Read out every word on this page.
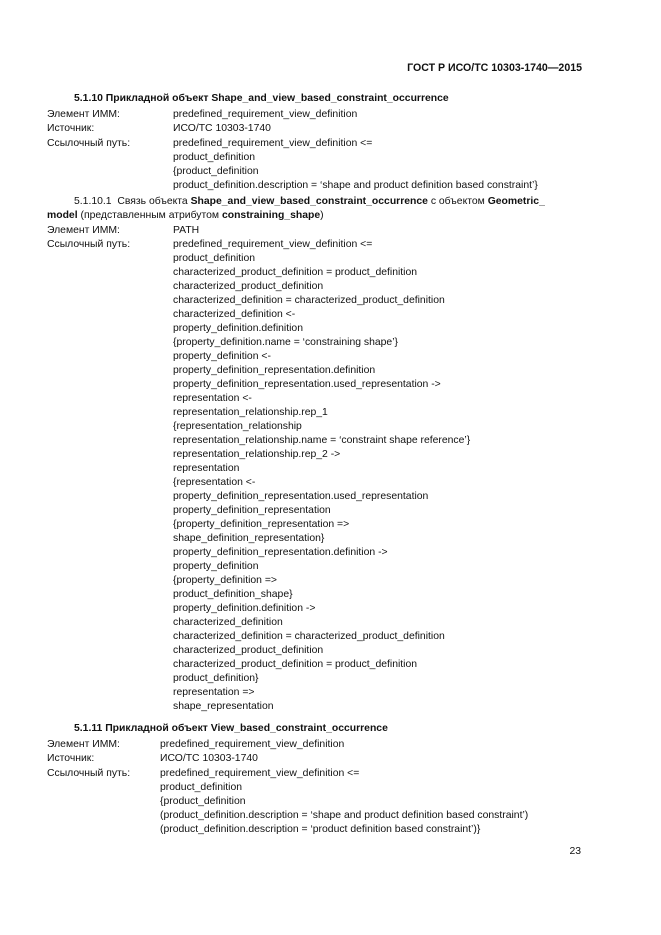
ГОСТ Р ИСО/ТС 10303-1740—2015
5.1.10 Прикладной объект Shape_and_view_based_constraint_occurrence
Элемент ИММ:	predefined_requirement_view_definition
Источник:	ИСО/ТС 10303-1740
Ссылочный путь:	predefined_requirement_view_definition <=
product_definition
{product_definition
product_definition.description = ‘shape and product definition based constraint’}
5.1.10.1 Связь объекта Shape_and_view_based_constraint_occurrence с объектом Geometric_
model (представленным атрибутом constraining_shape)
Элемент ИММ:	PATH
Ссылочный путь:	predefined_requirement_view_definition <=
product_definition
characterized_product_definition = product_definition
characterized_product_definition
characterized_definition = characterized_product_definition
characterized_definition <-
property_definition.definition
{property_definition.name = ‘constraining shape’}
property_definition <-
property_definition_representation.definition
property_definition_representation.used_representation ->
representation <-
representation_relationship.rep_1
{representation_relationship
representation_relationship.name = ‘constraint shape reference’}
representation_relationship.rep_2 ->
representation
{representation <-
property_definition_representation.used_representation
property_definition_representation
{property_definition_representation =>
shape_definition_representation}
property_definition_representation.definition ->
property_definition
{property_definition =>
product_definition_shape}
property_definition.definition ->
characterized_definition
characterized_definition = characterized_product_definition
characterized_product_definition
characterized_product_definition = product_definition
product_definition}
representation =>
shape_representation
5.1.11 Прикладной объект View_based_constraint_occurrence
Элемент ИММ:	predefined_requirement_view_definition
Источник:	ИСО/ТС 10303-1740
Ссылочный путь:	predefined_requirement_view_definition <=
product_definition
{product_definition
(product_definition.description = ‘shape and product definition based constraint’)
(product_definition.description = ‘product definition based constraint’)}
23
